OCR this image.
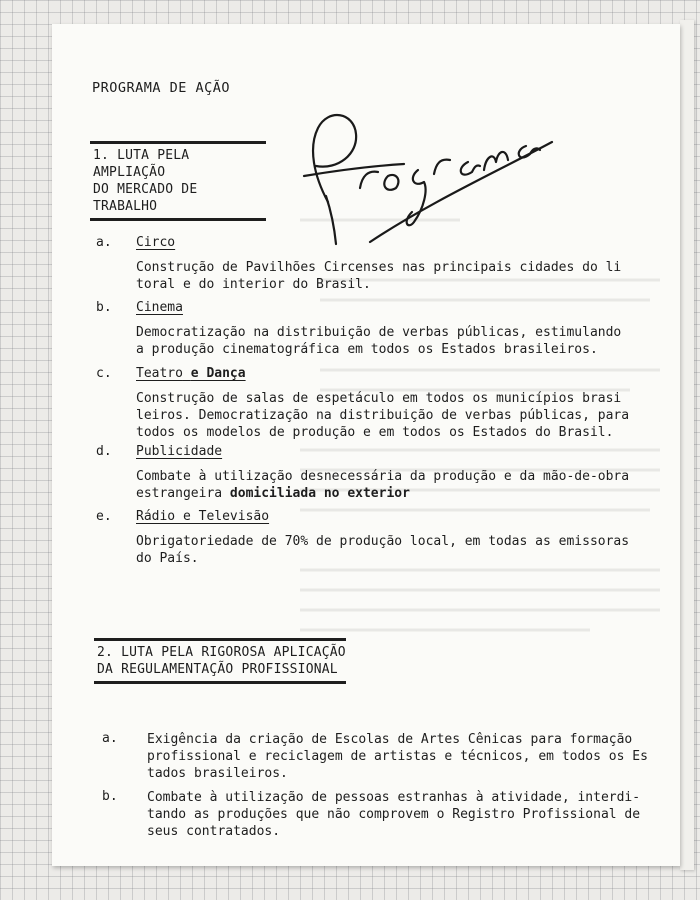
PROGRAMA DE AÇÃO
1. LUTA PELA AMPLIAÇÃO
DO MERCADO DE TRABALHO
a. Circo
Construção de Pavilhões Circenses nas principais cidades do li
toral e do interior do Brasil.
b. Cinema
Democratização na distribuição de verbas públicas, estimulando
a produção cinematográfica em todos os Estados brasileiros.
c. Teatro e Dança
Construção de salas de espetáculo em todos os municípios brasi
leiros. Democratização na distribuição de verbas públicas, para
todos os modelos de produção e em todos os Estados do Brasil.
d. Publicidade
Combate à utilização desnecessária da produção e da mão-de-obra
estrangeira domiciliada no exterior
e. Rádio e Televisão
Obrigatoriedade de 70% de produção local, em todas as emissoras
do País.
2. LUTA PELA RIGOROSA APLICAÇÃO
DA REGULAMENTAÇÃO PROFISSIONAL
a. Exigência da criação de Escolas de Artes Cênicas para formação
profissional e reciclagem de artistas e técnicos, em todos os Es
tados brasileiros.
b. Combate à utilização de pessoas estranhas à atividade, interdi-
tando as produções que não comprovem o Registro Profissional de
seus contratados.
